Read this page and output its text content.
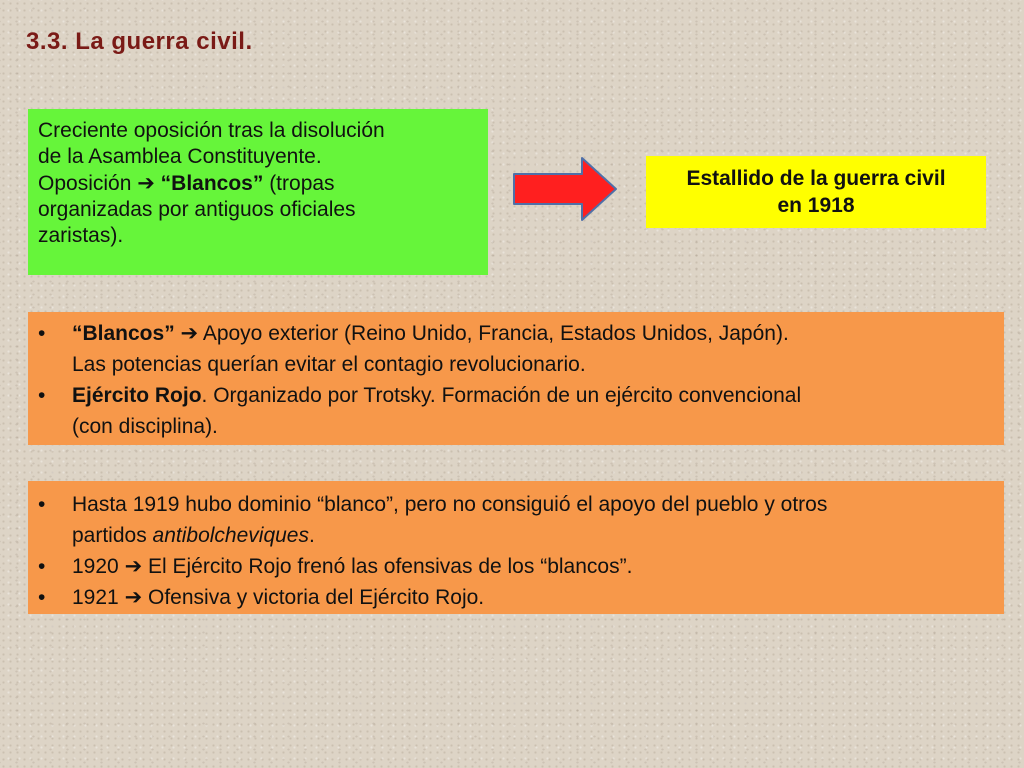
3.3. La guerra civil.
Creciente oposición tras la disolución
de la Asamblea Constituyente.
Oposición ➔ “Blancos” (tropas
organizadas por antiguos oficiales
zaristas).
Estallido de la guerra civil
en 1918
•	“Blancos” ➔ Apoyo exterior (Reino Unido, Francia, Estados Unidos, Japón).
Las potencias querían evitar el contagio revolucionario.
•	Ejército Rojo. Organizado por Trotsky. Formación de un ejército convencional
(con disciplina).
•	Hasta 1919 hubo dominio “blanco”, pero no consiguió el apoyo del pueblo y otros
partidos antibolcheviques.
•	1920 ➔ El Ejército Rojo frenó las ofensivas de los “blancos”.
•	1921 ➔ Ofensiva y victoria del Ejército Rojo.
